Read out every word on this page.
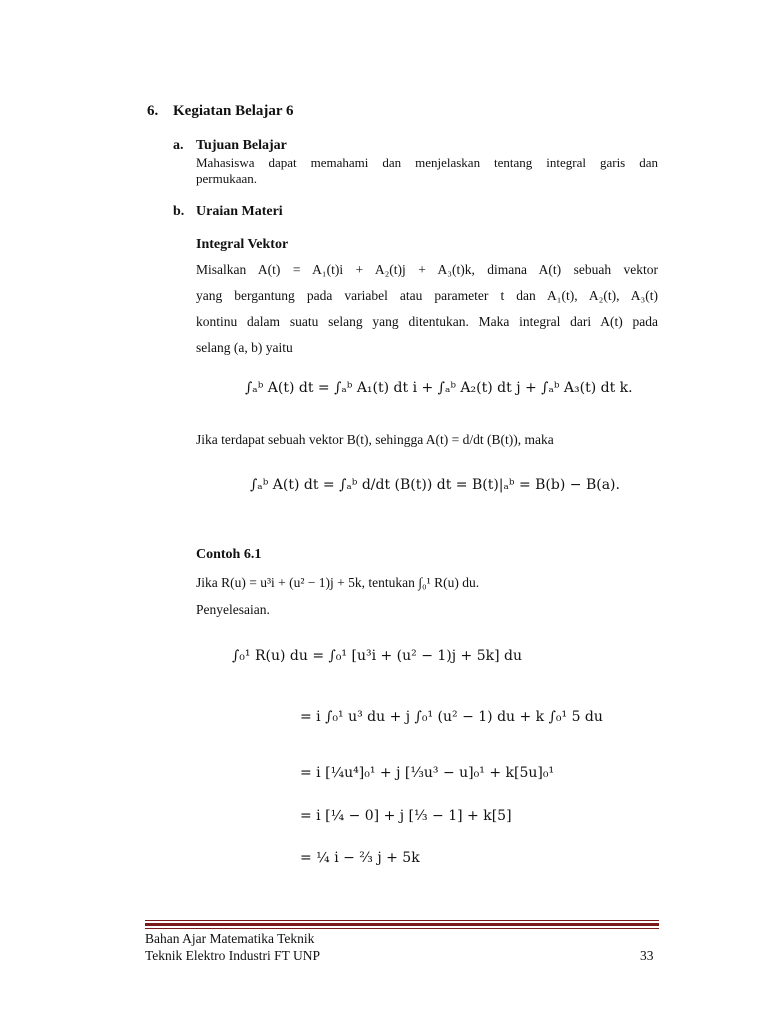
6. Kegiatan Belajar 6
a. Tujuan Belajar
Mahasiswa dapat memahami dan menjelaskan tentang integral garis dan
permukaan.
b. Uraian Materi
Integral Vektor
Misalkan A(t) = A₁(t)i + A₂(t)j + A₃(t)k, dimana A(t) sebuah vektor
yang bergantung pada variabel atau parameter t dan A₁(t), A₂(t), A₃(t)
kontinu dalam suatu selang yang ditentukan. Maka integral dari A(t) pada
selang (a, b) yaitu
∫ₐᵇ A(t) dt = ∫ₐᵇ A₁(t) dt i + ∫ₐᵇ A₂(t) dt j + ∫ₐᵇ A₃(t) dt k.
Jika terdapat sebuah vektor B(t), sehingga A(t) = d/dt (B(t)), maka
∫ₐᵇ A(t) dt = ∫ₐᵇ d/dt (B(t)) dt = B(t)|ₐᵇ = B(b) − B(a).
Contoh 6.1
Jika R(u) = u³i + (u² − 1)j + 5k, tentukan ∫₀¹ R(u) du.
Penyelesaian.
∫₀¹ R(u) du = ∫₀¹ [u³i + (u² − 1)j + 5k] du
= i ∫₀¹ u³ du + j ∫₀¹ (u² − 1) du + k ∫₀¹ 5 du
= i [¼u⁴]₀¹ + j [⅓u³ − u]₀¹ + k[5u]₀¹
= i [¼ − 0] + j [⅓ − 1] + k[5]
= ¼ i − ⅔ j + 5k
Bahan Ajar Matematika Teknik
Teknik Elektro Industri FT UNP	33
